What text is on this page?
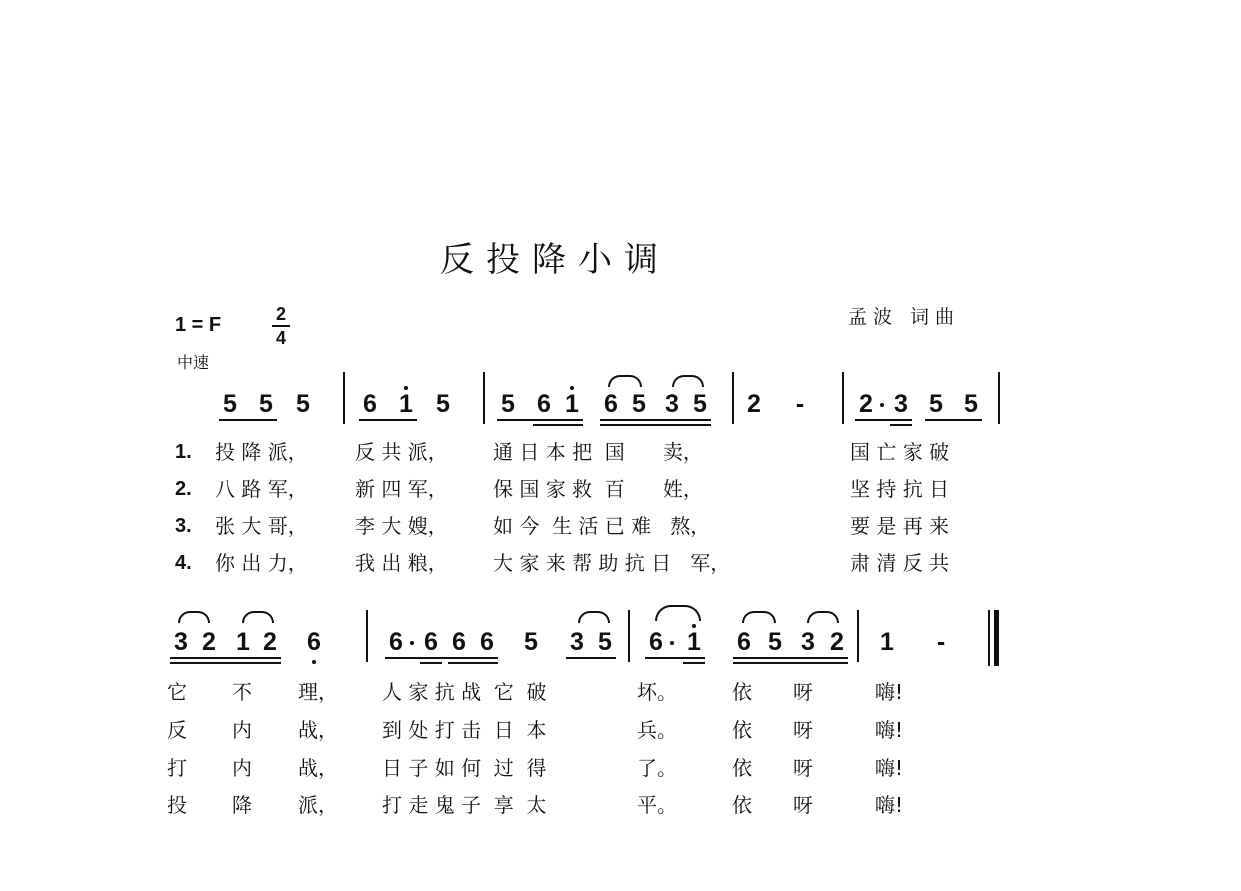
反投降小调
孟波 词曲
1 = F	2
4
中速
5 5 5 6 1 5 5 6 1 6 5 3 5 2 - 2 3 5 5
1. 投 降 派， 反 共 派， 通 日 本 把  国      卖，	国 亡 家 破
2. 八 路 军， 新 四 军， 保 国 家 救  百      姓，	坚 持 抗 日
3. 张 大 哥， 李 大 嫂， 如 今  生 活 已 难   熬，	要 是 再 来
4. 你 出 力， 我 出 粮， 大 家 来 帮 助 抗 日   军，	肃 清 反 共
3 2 1 2 6	6 6 6 6 5 3 5 6 1 6 5 3 2 1 -
它 不 理， 人 家 抗 战  它  破	坏。	依 呀	嗨!
反 内 战， 到 处 打 击  日  本	兵。	依 呀	嗨!
打 内 战， 日 子 如 何  过  得	了。	依 呀	嗨!
投 降 派， 打 走 鬼 子  享  太	平。	依 呀	嗨!
